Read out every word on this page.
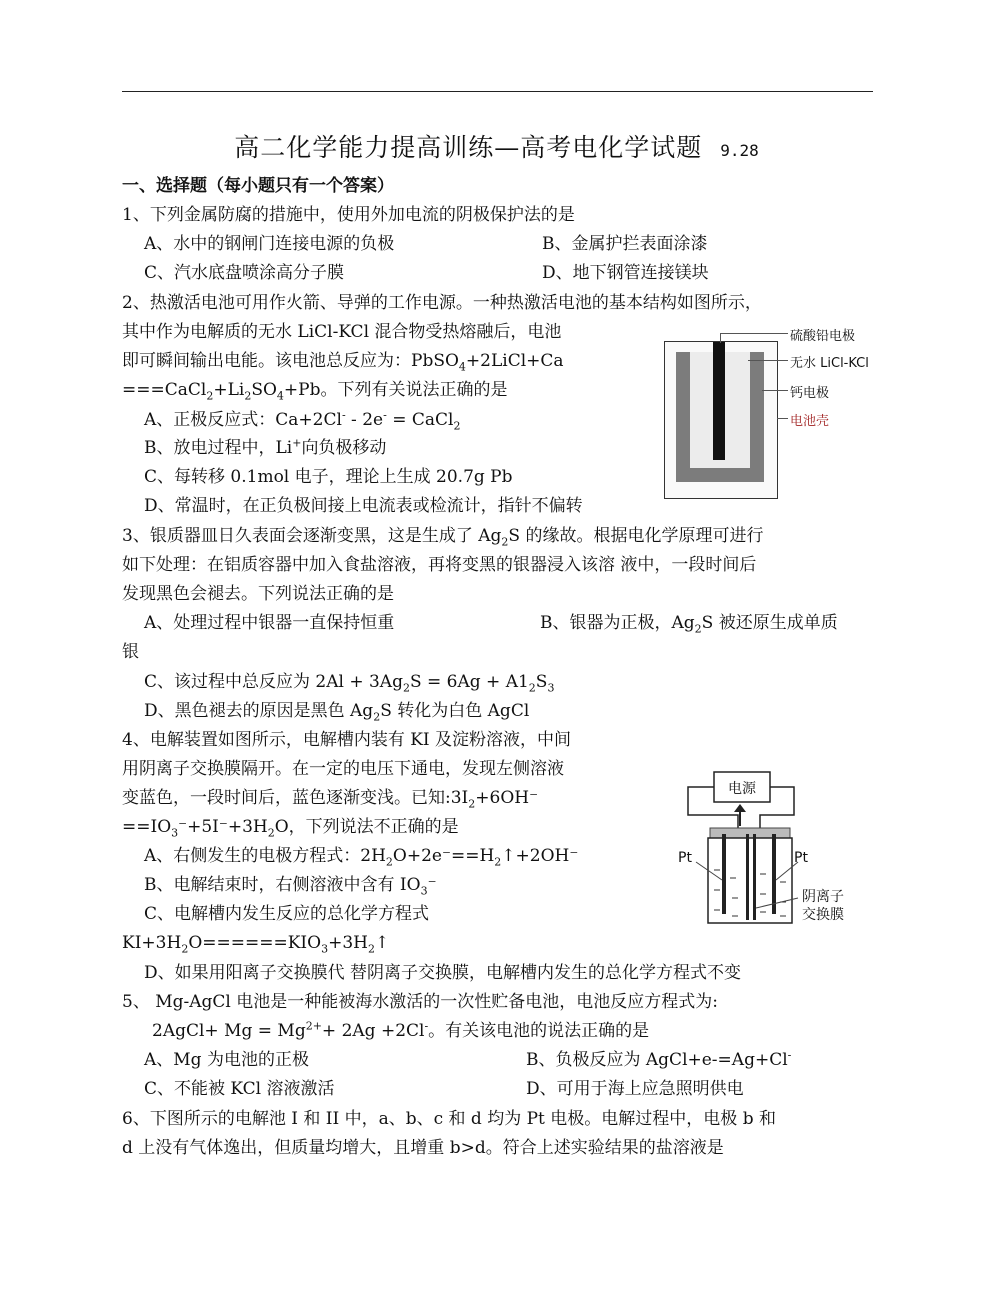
高二化学能力提高训练—高考电化学试题 9.28
一、选择题（每小题只有一个答案）
1、下列金属防腐的措施中，使用外加电流的阴极保护法的是
A、水中的钢闸门连接电源的负极	B、金属护拦表面涂漆
C、汽水底盘喷涂高分子膜	D、地下钢管连接镁块
2、热激活电池可用作火箭、导弹的工作电源。一种热激活电池的基本结构如图所示，
其中作为电解质的无水 LiCl-KCl 混合物受热熔融后，电池
即可瞬间输出电能。该电池总反应为：PbSO$_4$+2LiCl+Ca
$===CaCl_2+Li_2SO_4+Pb$。下列有关说法正确的是
A、正极反应式：Ca+2Cl- - 2e- = CaCl$_2$
B、放电过程中，Li+向负极移动
C、每转移 0.1mol 电子，理论上生成 20.7g Pb
D、常温时，在正负极间接上电流表或检流计，指针不偏转
硫酸铅电极
无水 LiCl-KCl
钙电极
电池壳
3、银质器皿日久表面会逐渐变黑，这是生成了 $Ag_2S$ 的缘故。根据电化学原理可进行
如下处理：在铝质容器中加入食盐溶液，再将变黑的银器浸入该溶 液中，一段时间后
发现黑色会褪去。下列说法正确的是
A、处理过程中银器一直保持恒重	B、银器为正极，$Ag_2S$ 被还原生成单质
银
C、该过程中总反应为 $2Al + 3Ag_2S = 6Ag + A1_2S_3$
D、黑色褪去的原因是黑色 $Ag_2S$ 转化为白色 AgCl
4、电解装置如图所示，电解槽内装有 KI 及淀粉溶液，中间
用阴离子交换膜隔开。在一定的电压下通电，发现左侧溶液
变蓝色，一段时间后，蓝色逐渐变浅。已知$:3I_2+6OH^-$
$==IO_3^-+5I^-+3H_2O$，下列说法不正确的是
A、右侧发生的电极方程式：$2H_2O+2e^-==H_2↑+2OH^-$
B、电解结束时，右侧溶液中含有 $IO_3^-$
C、电解槽内发生反应的总化学方程式
$KI+3H_2O======KIO_3+3H_2↑$
D、如果用阳离子交换膜代 替阴离子交换膜，电解槽内发生的总化学方程式不变
电源
Pt	Pt
阴离子
交换膜
5、 Mg-AgCl 电池是一种能被海水激活的一次性贮备电池，电池反应方程式为:
2AgCl+ $Mg = Mg^{2+}+ 2Ag +2Cl^-$。有关该电池的说法正确的是
A、Mg 为电池的正极	B、负极反应为 AgCl+e-=Ag+Cl-
C、不能被 KCl 溶液激活	D、可用于海上应急照明供电
6、下图所示的电解池 I 和 II 中，a、b、c 和 d 均为 Pt 电极。电解过程中，电极 b 和
d 上没有气体逸出，但质量均增大，且增重 b>d。符合上述实验结果的盐溶液是
